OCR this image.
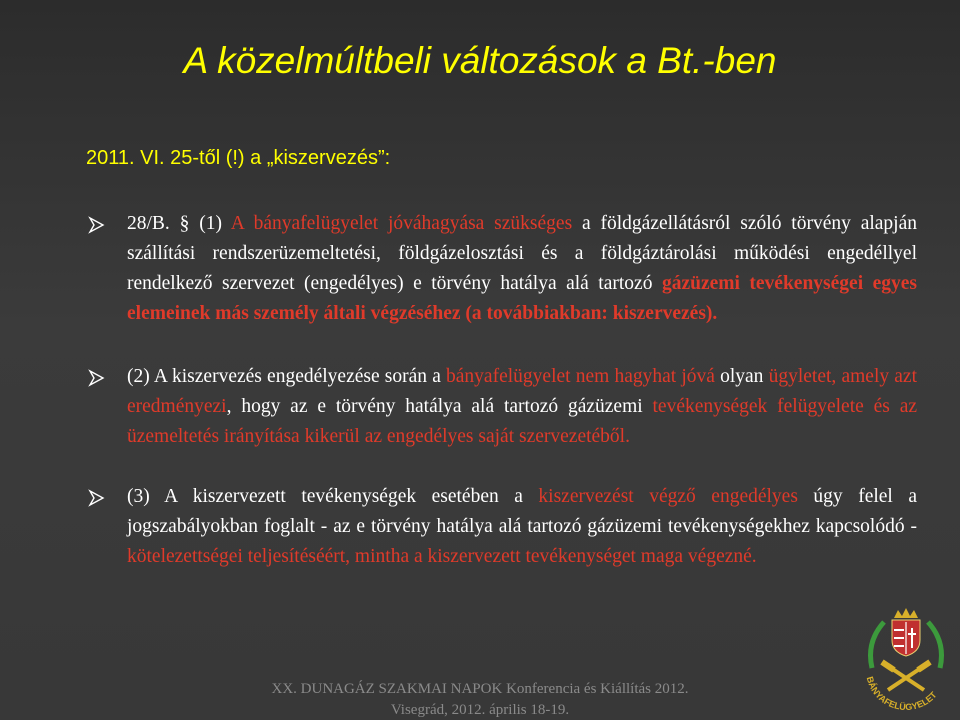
A közelmúltbeli változások a Bt.-ben
2011. VI. 25-től (!) a „kiszervezés”:
28/B. § (1) A bányafelügyelet jóváhagyása szükséges a földgázellátásról szóló törvény alapján szállítási rendszerüzemeltetési, földgázelosztási és a földgáztárolási működési engedéllyel rendelkező szervezet (engedélyes) e törvény hatálya alá tartozó gázüzemi tevékenységei egyes elemeinek más személy általi végzéséhez (a továbbiakban: kiszervezés).
(2) A kiszervezés engedélyezése során a bányafelügyelet nem hagyhat jóvá olyan ügyletet, amely azt eredményezi, hogy az e törvény hatálya alá tartozó gázüzemi tevékenységek felügyelete és az üzemeltetés irányítása kikerül az engedélyes saját szervezetéből.
(3) A kiszervezett tevékenységek esetében a kiszervezést végző engedélyes úgy felel a jogszabályokban foglalt - az e törvény hatálya alá tartozó gázüzemi tevékenységekhez kapcsolódó - kötelezettségei teljesítéséért, mintha a kiszervezett tevékenységet maga végezné.
XX. DUNAGÁZ SZAKMAI NAPOK Konferencia és Kiállítás 2012.
Visegrád, 2012. április 18-19.
BÁNYAFELÜGYELET
